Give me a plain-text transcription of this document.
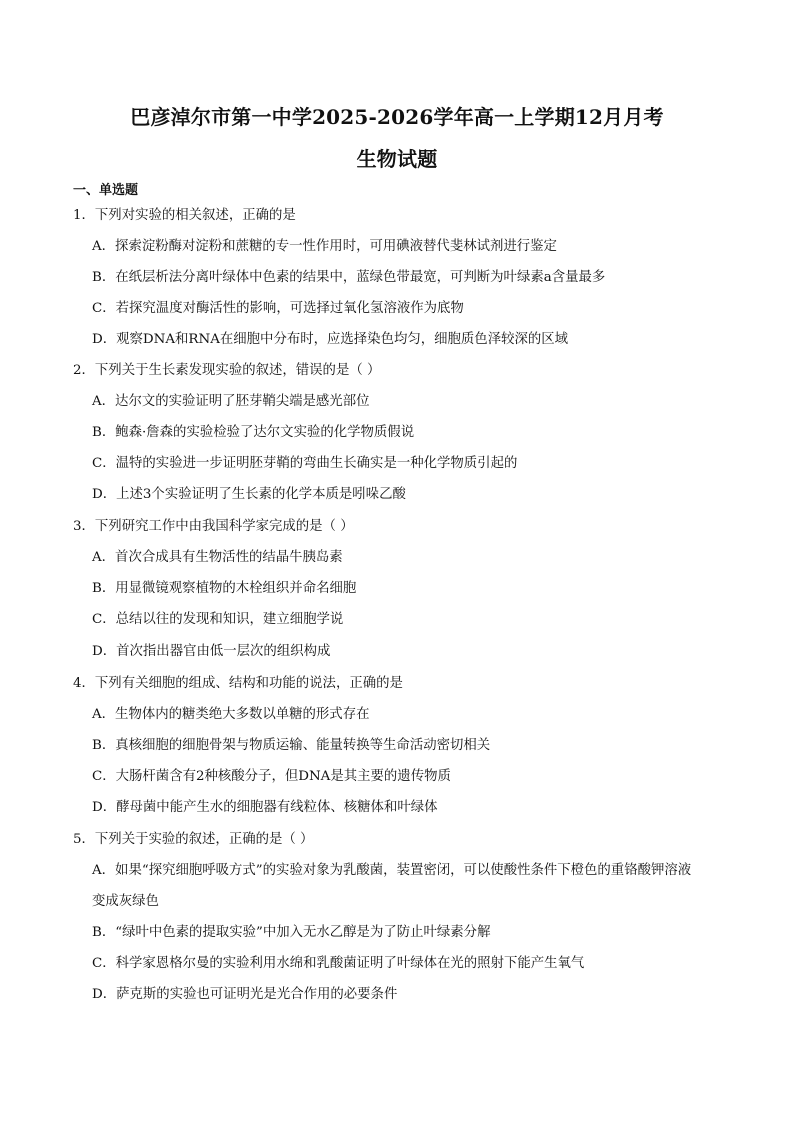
巴彦淖尔市第一中学2025-2026学年高一上学期12月月考
生物试题
一、单选题
1．下列对实验的相关叙述，正确的是
A．探索淀粉酶对淀粉和蔗糖的专一性作用时，可用碘液替代斐林试剂进行鉴定
B．在纸层析法分离叶绿体中色素的结果中，蓝绿色带最宽，可判断为叶绿素a含量最多
C．若探究温度对酶活性的影响，可选择过氧化氢溶液作为底物
D．观察DNA和RNA在细胞中分布时，应选择染色均匀，细胞质色泽较深的区域
2．下列关于生长素发现实验的叙述，错误的是（ ）
A．达尔文的实验证明了胚芽鞘尖端是感光部位
B．鲍森·詹森的实验检验了达尔文实验的化学物质假说
C．温特的实验进一步证明胚芽鞘的弯曲生长确实是一种化学物质引起的
D．上述3个实验证明了生长素的化学本质是吲哚乙酸
3．下列研究工作中由我国科学家完成的是（ ）
A．首次合成具有生物活性的结晶牛胰岛素
B．用显微镜观察植物的木栓组织并命名细胞
C．总结以往的发现和知识，建立细胞学说
D．首次指出器官由低一层次的组织构成
4．下列有关细胞的组成、结构和功能的说法，正确的是
A．生物体内的糖类绝大多数以单糖的形式存在
B．真核细胞的细胞骨架与物质运输、能量转换等生命活动密切相关
C．大肠杆菌含有2种核酸分子，但DNA是其主要的遗传物质
D．酵母菌中能产生水的细胞器有线粒体、核糖体和叶绿体
5．下列关于实验的叙述，正确的是（ ）
A．如果“探究细胞呼吸方式”的实验对象为乳酸菌，装置密闭，可以使酸性条件下橙色的重铬酸钾溶液
变成灰绿色
B．“绿叶中色素的提取实验”中加入无水乙醇是为了防止叶绿素分解
C．科学家恩格尔曼的实验利用水绵和乳酸菌证明了叶绿体在光的照射下能产生氧气
D．萨克斯的实验也可证明光是光合作用的必要条件
